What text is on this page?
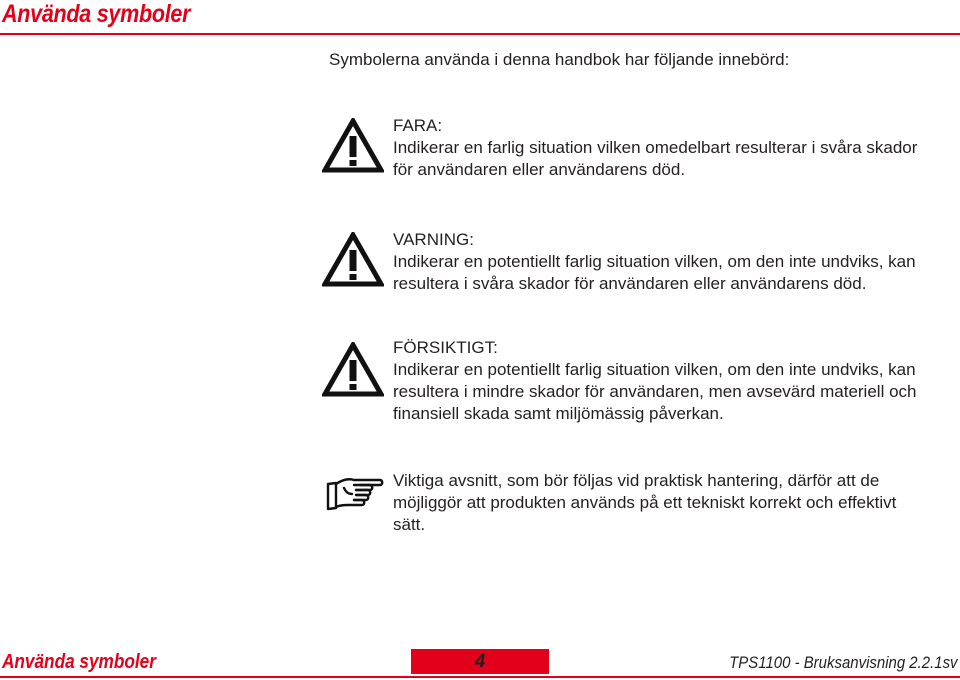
Använda symboler
Symbolerna använda i denna handbok har följande innebörd:
FARA:
Indikerar en farlig situation vilken omedelbart resulterar i svåra skador
för användaren eller användarens död.
VARNING:
Indikerar en potentiellt farlig situation vilken, om den inte undviks, kan
resultera i svåra skador för användaren eller användarens död.
FÖRSIKTIGT:
Indikerar en potentiellt farlig situation vilken, om den inte undviks, kan
resultera i mindre skador för användaren, men avsevärd materiell och
finansiell skada samt miljömässig påverkan.
Viktiga avsnitt, som bör följas vid praktisk hantering, därför att de
möjliggör att produkten används på ett tekniskt korrekt och effektivt
sätt.
Använda symboler	4	TPS1100 - Bruksanvisning 2.2.1sv
